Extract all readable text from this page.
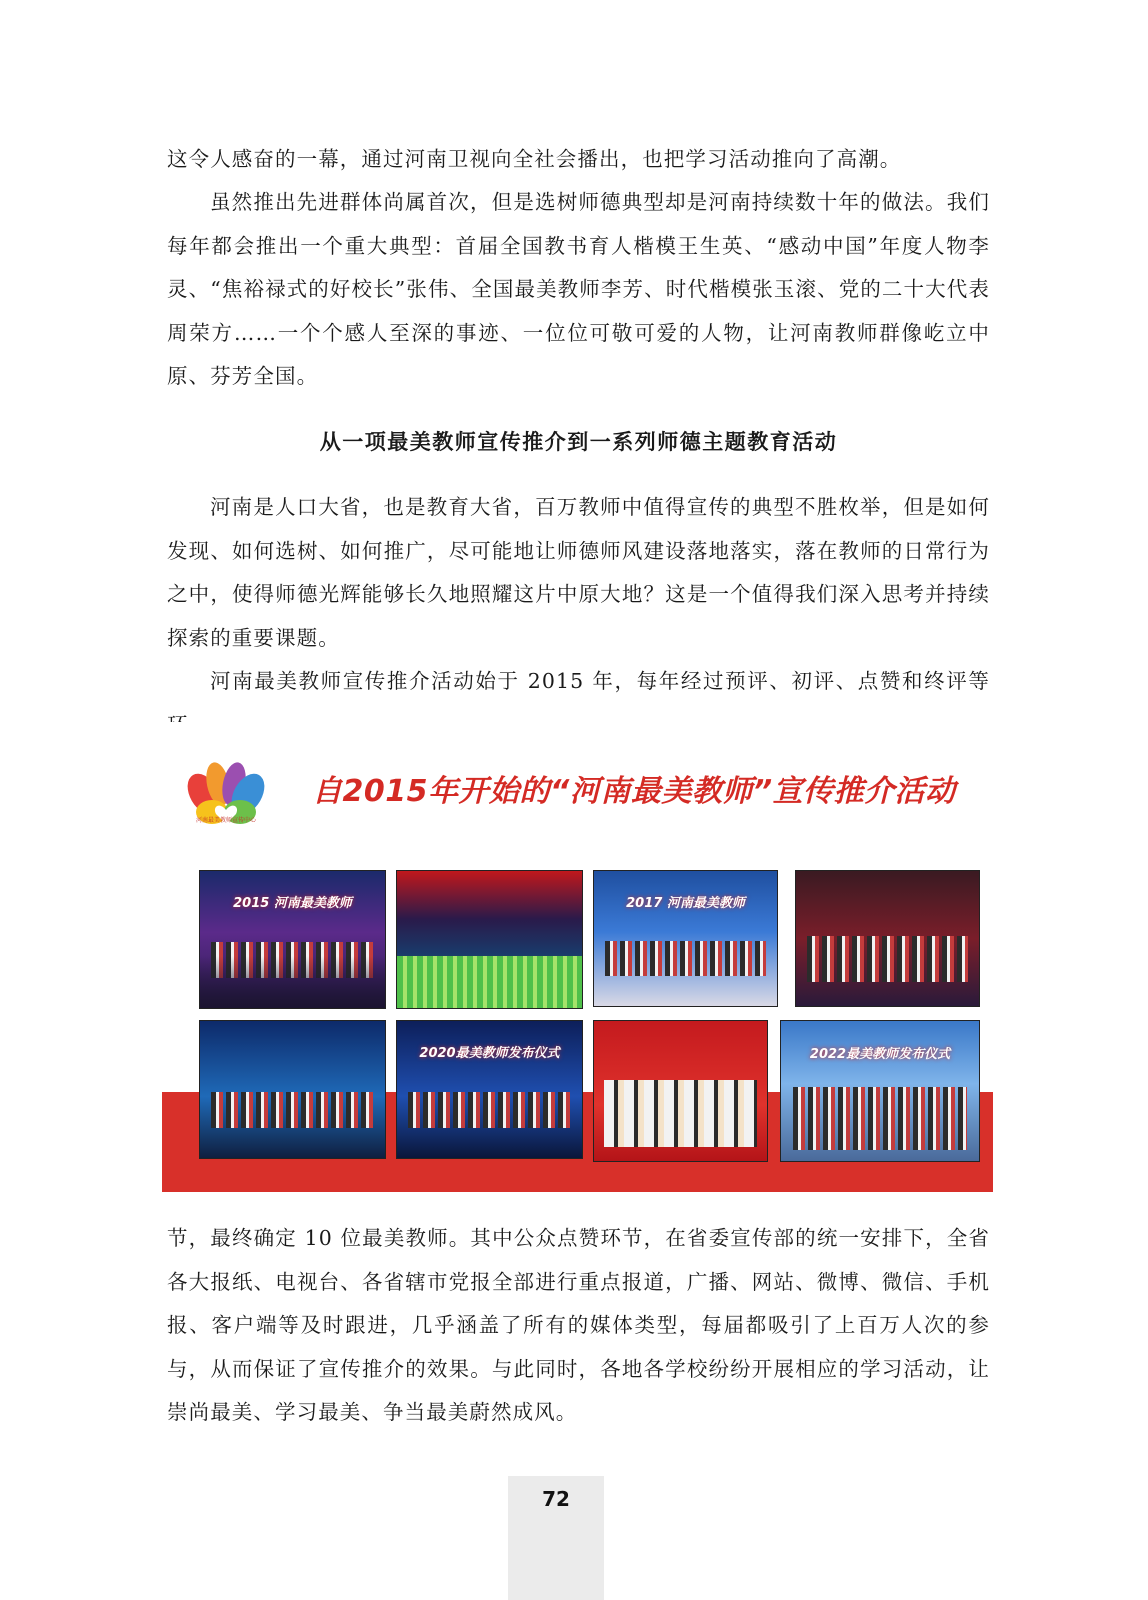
这令人感奋的一幕，通过河南卫视向全社会播出，也把学习活动推向了高潮。

虽然推出先进群体尚属首次，但是选树师德典型却是河南持续数十年的做法。我们每年都会推出一个重大典型：首届全国教书育人楷模王生英、“感动中国”年度人物李灵、“焦裕禄式的好校长”张伟、全国最美教师李芳、时代楷模张玉滚、党的二十大代表周荣方……一个个感人至深的事迹、一位位可敬可爱的人物，让河南教师群像屹立中原、芬芳全国。

从一项最美教师宣传推介到一系列师德主题教育活动

河南是人口大省，也是教育大省，百万教师中值得宣传的典型不胜枚举，但是如何发现、如何选树、如何推广，尽可能地让师德师风建设落地落实，落在教师的日常行为之中，使得师德光辉能够长久地照耀这片中原大地？这是一个值得我们深入思考并持续探索的重要课题。

河南最美教师宣传推介活动始于 2015 年，每年经过预评、初评、点赞和终评等

河南最美教师宣传中心
自2015年开始的“河南最美教师”宣传推介活动
2015 河南最美教师	2017 河南最美教师
2020最美教师发布仪式	2022最美教师发布仪式

节，最终确定 10 位最美教师。其中公众点赞环节，在省委宣传部的统一安排下，全省各大报纸、电视台、各省辖市党报全部进行重点报道，广播、网站、微博、微信、手机报、客户端等及时跟进，几乎涵盖了所有的媒体类型，每届都吸引了上百万人次的参与，从而保证了宣传推介的效果。与此同时，各地各学校纷纷开展相应的学习活动，让崇尚最美、学习最美、争当最美蔚然成风。

72
